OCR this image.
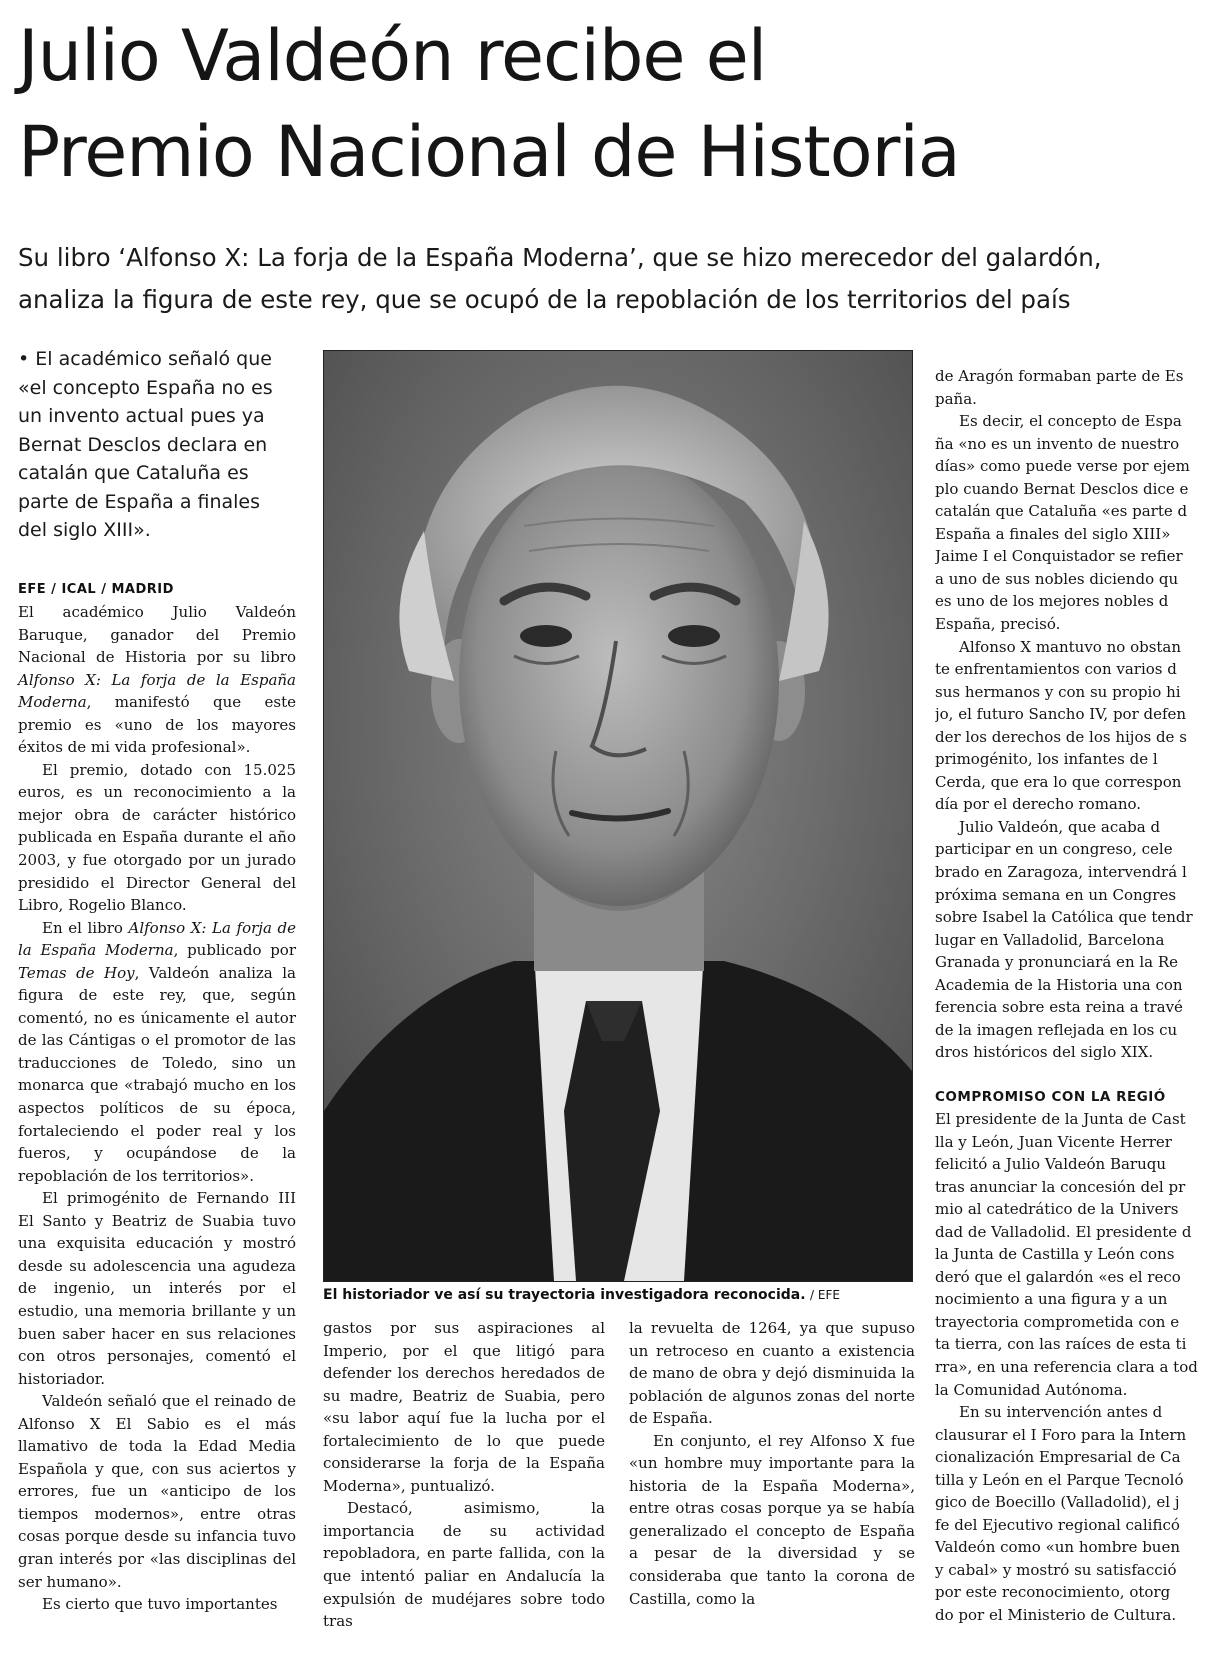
Julio Valdeón recibe el
Premio Nacional de Historia
Su libro ‘Alfonso X: La forja de la España Moderna’, que se hizo merecedor del galardón,
analiza la figura de este rey, que se ocupó de la repoblación de los territorios del país
• El académico señaló que «el concepto España no es un invento actual pues ya Bernat Desclos declara en catalán que Cataluña es parte de España a finales del siglo XIII».
EFE / ICAL / MADRID

El académico Julio Valdeón Baruque, ganador del Premio Nacional de Historia por su libro Alfonso X: La forja de la España Moderna, manifestó que este premio es «uno de los mayores éxitos de mi vida profesional».

El premio, dotado con 15.025 euros, es un reconocimiento a la mejor obra de carácter histórico publicada en España durante el año 2003, y fue otorgado por un jurado presidido el Director General del Libro, Rogelio Blanco.

En el libro Alfonso X: La forja de la España Moderna, publicado por Temas de Hoy, Valdeón analiza la figura de este rey, que, según comentó, no es únicamente el autor de las Cántigas o el promotor de las traducciones de Toledo, sino un monarca que «trabajó mucho en los aspectos políticos de su época, fortaleciendo el poder real y los fueros, y ocupándose de la repoblación de los territorios».

El primogénito de Fernando III El Santo y Beatriz de Suabia tuvo una exquisita educación y mostró desde su adolescencia una agudeza de ingenio, un interés por el estudio, una memoria brillante y un buen saber hacer en sus relaciones con otros personajes, comentó el historiador.

Valdeón señaló que el reinado de Alfonso X El Sabio es el más llamativo de toda la Edad Media Española y que, con sus aciertos y errores, fue un «anticipo de los tiempos modernos», entre otras cosas porque desde su infancia tuvo gran interés por «las disciplinas del ser humano».

Es cierto que tuvo importantes

El historiador ve así su trayectoria investigadora reconocida. / EFE

gastos por sus aspiraciones al Imperio, por el que litigó para defender los derechos heredados de su madre, Beatriz de Suabia, pero «su labor aquí fue la lucha por el fortalecimiento de lo que puede considerarse la forja de la España Moderna», puntualizó.

Destacó, asimismo, la importancia de su actividad repobladora, en parte fallida, con la que intentó paliar en Andalucía la expulsión de mudéjares sobre todo tras

la revuelta de 1264, ya que supuso un retroceso en cuanto a existencia de mano de obra y dejó disminuida la población de algunos zonas del norte de España.

En conjunto, el rey Alfonso X fue «un hombre muy importante para la historia de la España Moderna», entre otras cosas porque ya se había generalizado el concepto de España a pesar de la diversidad y se consideraba que tanto la corona de Castilla, como la

de Aragón formaban parte de Es
paña.
Es decir, el concepto de Espa
ña «no es un invento de nuestro
días» como puede verse por ejem
plo cuando Bernat Desclos dice e
catalán que Cataluña «es parte d
España a finales del siglo XIII»
Jaime I el Conquistador se refier
a uno de sus nobles diciendo qu
es uno de los mejores nobles d
España, precisó.
Alfonso X mantuvo no obstan
te enfrentamientos con varios d
sus hermanos y con su propio hi
jo, el futuro Sancho IV, por defen
der los derechos de los hijos de s
primogénito, los infantes de l
Cerda, que era lo que correspon
día por el derecho romano.
Julio Valdeón, que acaba d
participar en un congreso, cele
brado en Zaragoza, intervendrá l
próxima semana en un Congres
sobre Isabel la Católica que tendr
lugar en Valladolid, Barcelona
Granada y pronunciará en la Re
Academia de la Historia una con
ferencia sobre esta reina a travé
de la imagen reflejada en los cu
dros históricos del siglo XIX.

COMPROMISO CON LA REGIÓ

El presidente de la Junta de Cast
lla y León, Juan Vicente Herrer
felicitó a Julio Valdeón Baruqu
tras anunciar la concesión del pr
mio al catedrático de la Univers
dad de Valladolid. El presidente d
la Junta de Castilla y León cons
deró que el galardón «es el reco
nocimiento a una figura y a un
trayectoria comprometida con e
ta tierra, con las raíces de esta ti
rra», en una referencia clara a tod
la Comunidad Autónoma.
En su intervención antes d
clausurar el I Foro para la Intern
cionalización Empresarial de Ca
tilla y León en el Parque Tecnoló
gico de Boecillo (Valladolid), el j
fe del Ejecutivo regional calificó
Valdeón como «un hombre buen
y cabal» y mostró su satisfacció
por este reconocimiento, otorg
do por el Ministerio de Cultura.
